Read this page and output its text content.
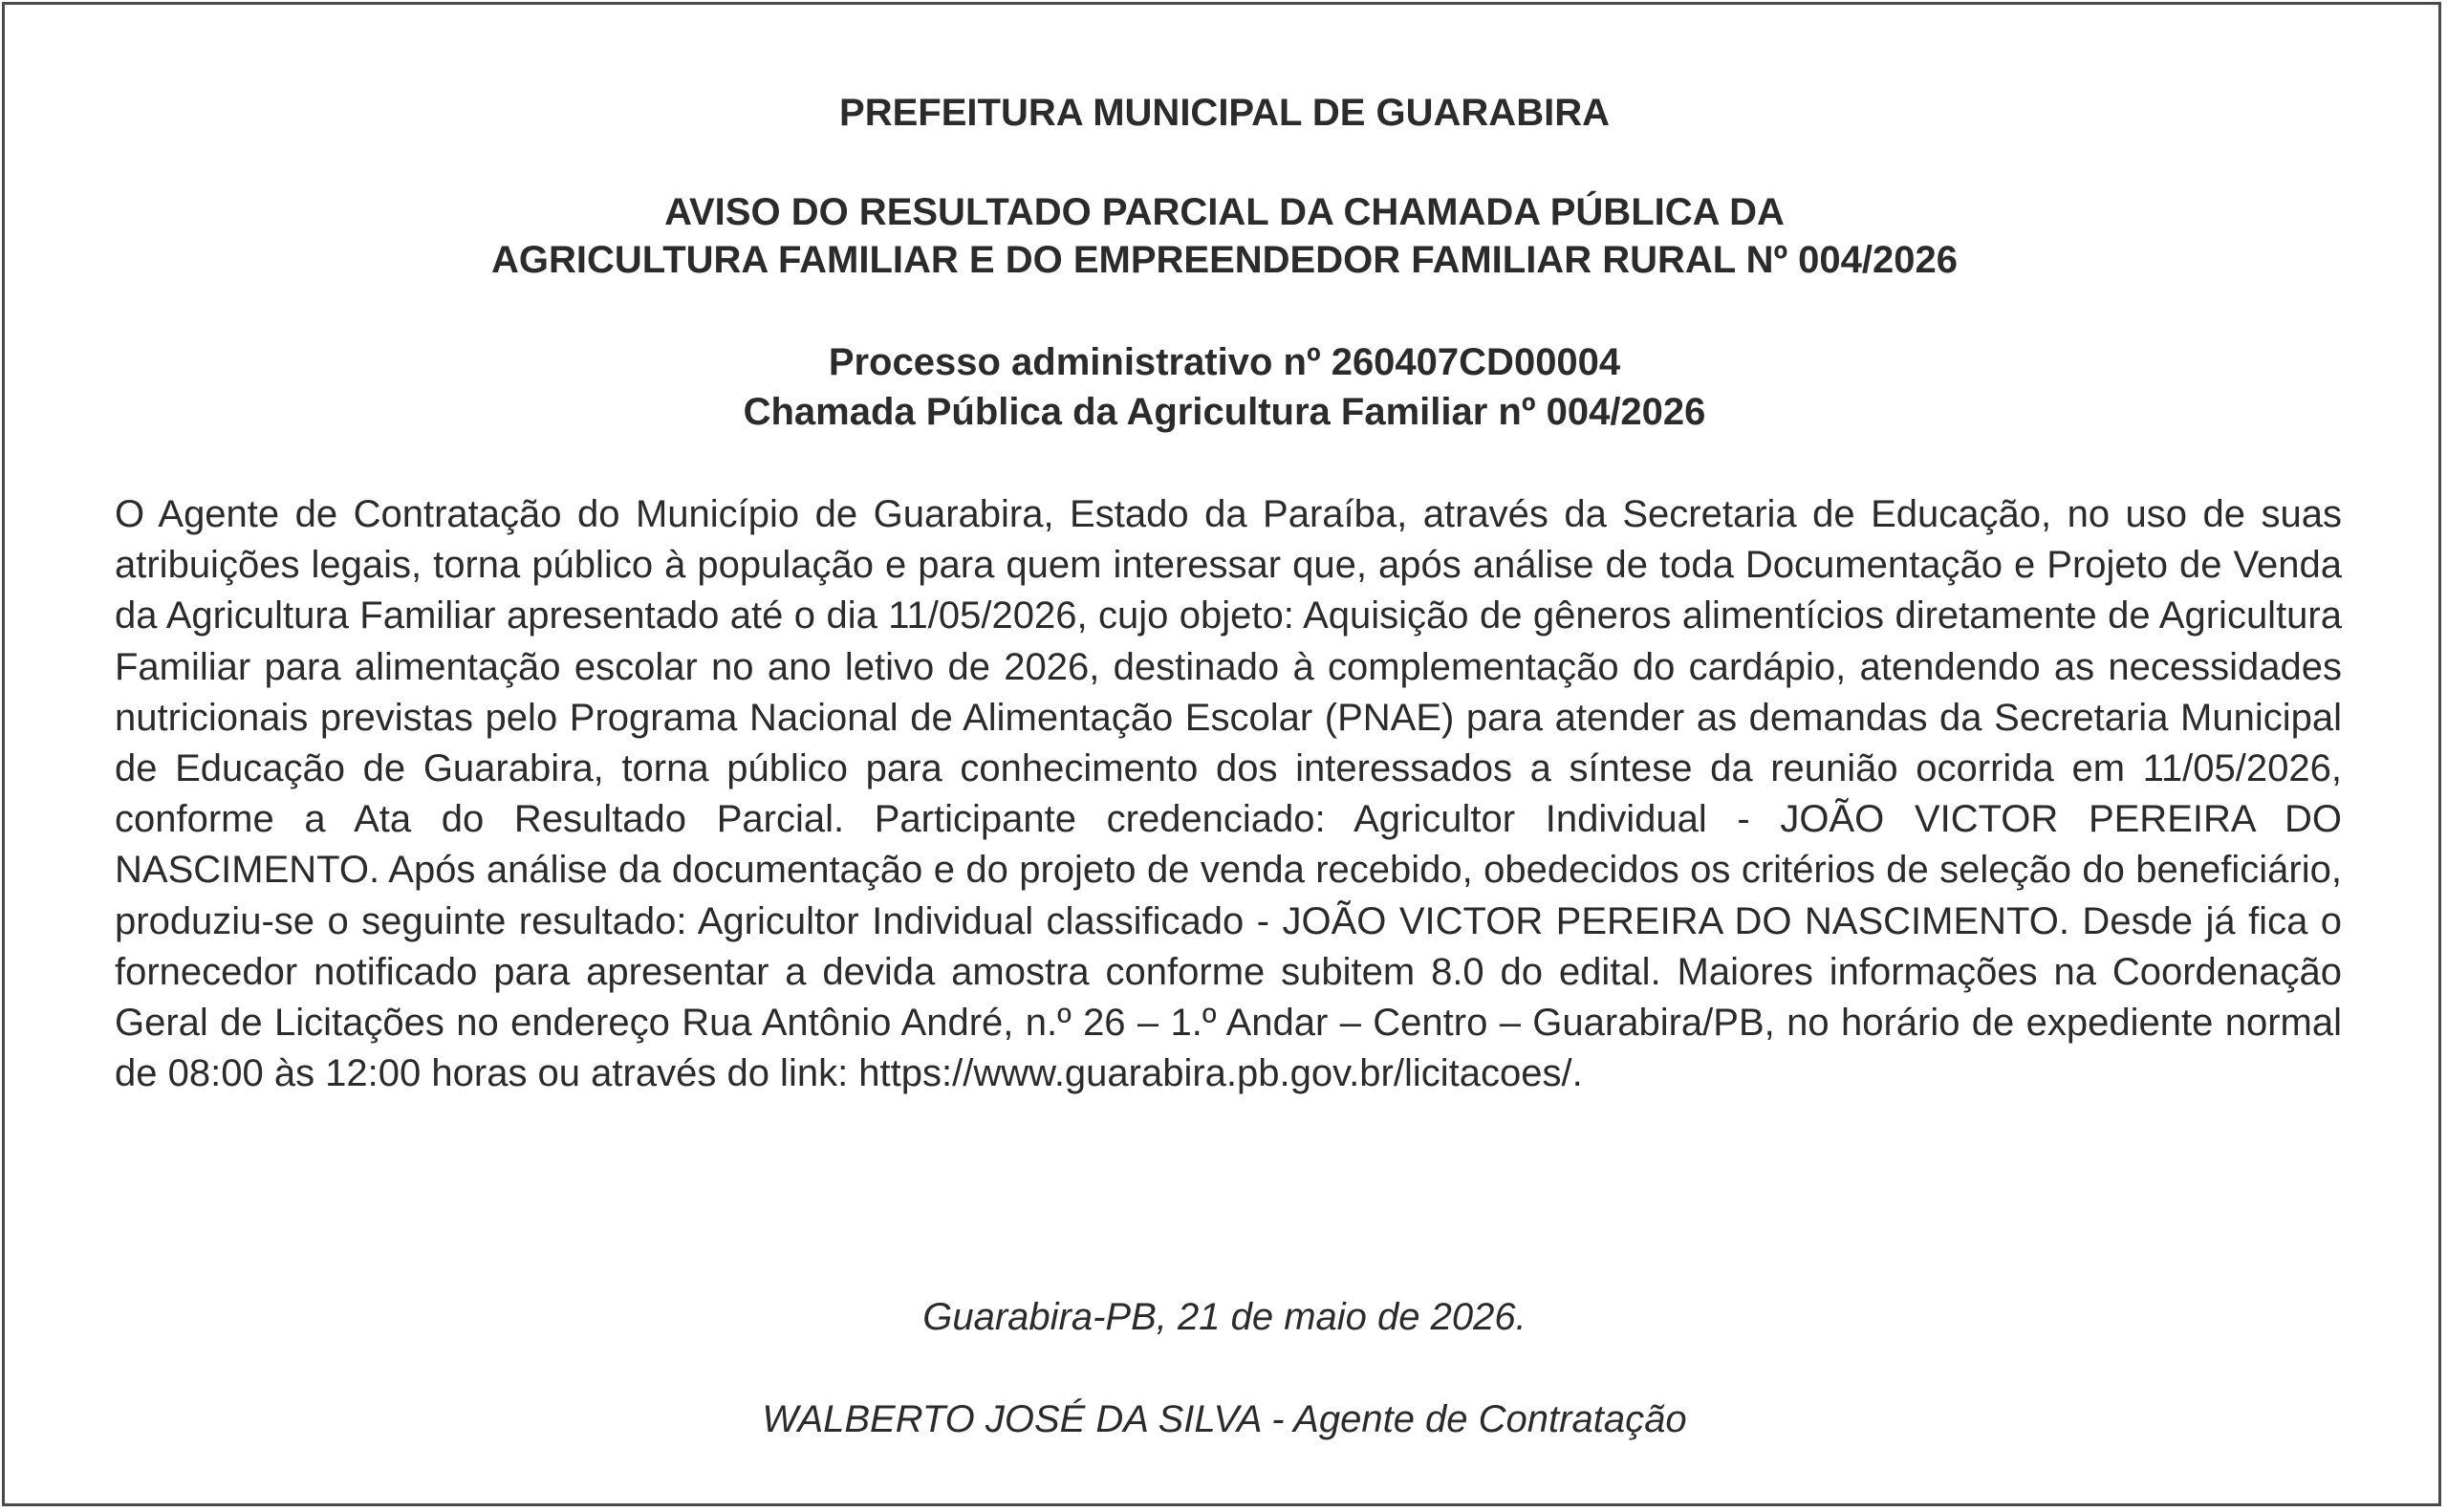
PREFEITURA MUNICIPAL DE GUARABIRA

AVISO DO RESULTADO PARCIAL DA CHAMADA PÚBLICA DA

AGRICULTURA FAMILIAR E DO EMPREENDEDOR FAMILIAR RURAL Nº 004/2026

Processo administrativo nº 260407CD00004

Chamada Pública da Agricultura Familiar nº 004/2026

O Agente de Contratação do Município de Guarabira, Estado da Paraíba, através da Secretaria de Educação, no uso de suas atribuições legais, torna público à população e para quem interessar que, após análise de toda Documentação e Projeto de Venda da Agricultura Familiar apresentado até o dia 11/05/2026, cujo objeto: Aquisição de gêneros alimentícios diretamente de Agricultura Familiar para alimentação escolar no ano letivo de 2026, destinado à complementação do cardápio, atendendo as necessidades nutricionais previstas pelo Programa Nacional de Alimentação Escolar (PNAE) para atender as demandas da Secretaria Municipal de Educação de Guarabira, torna público para conhecimento dos interessados a síntese da reunião ocorrida em 11/05/2026, conforme a Ata do Resultado Parcial. Participante credenciado: Agricultor Individual - JOÃO VICTOR PEREIRA DO NASCIMENTO. Após análise da documentação e do projeto de venda recebido, obedecidos os critérios de seleção do beneficiário, produziu-se o seguinte resultado: Agricultor Individual classificado - JOÃO VICTOR PEREIRA DO NASCIMENTO. Desde já fica o fornecedor notificado para apresentar a devida amostra conforme subitem 8.0 do edital. Maiores informações na Coordenação Geral de Licitações no endereço Rua Antônio André, n.º 26 – 1.º Andar – Centro – Guarabira/PB, no horário de expediente normal de 08:00 às 12:00 horas ou através do link: https://www.guarabira.pb.gov.br/licitacoes/.

Guarabira-PB, 21 de maio de 2026.

WALBERTO JOSÉ DA SILVA - Agente de Contratação
